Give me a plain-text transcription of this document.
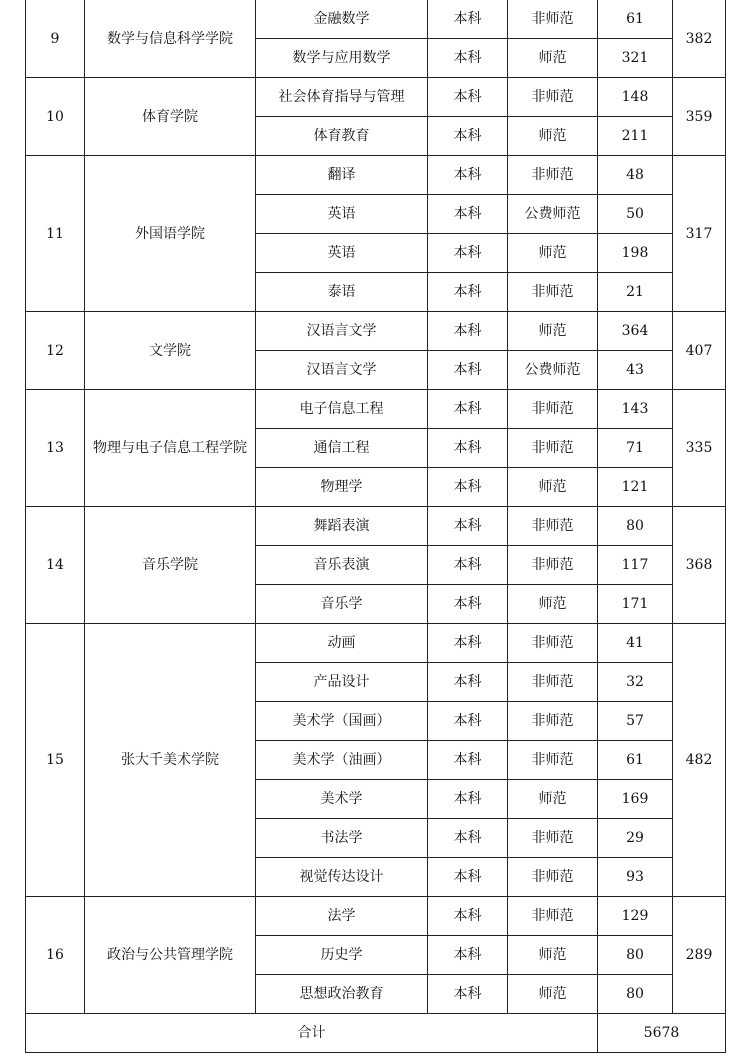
9	数学与信息科学学院	金融数学	本科	非师范	61	382
		数学与应用数学	本科	师范	321	
10	体育学院	社会体育指导与管理	本科	非师范	148	359
		体育教育	本科	师范	211	
11	外国语学院	翻译	本科	非师范	48	317
		英语	本科	公费师范	50	
		英语	本科	师范	198	
		泰语	本科	非师范	21	
12	文学院	汉语言文学	本科	师范	364	407
		汉语言文学	本科	公费师范	43	
13	物理与电子信息工程学院	电子信息工程	本科	非师范	143	335
		通信工程	本科	非师范	71	
		物理学	本科	师范	121	
14	音乐学院	舞蹈表演	本科	非师范	80	368
		音乐表演	本科	非师范	117	
		音乐学	本科	师范	171	
15	张大千美术学院	动画	本科	非师范	41	482
		产品设计	本科	非师范	32	
		美术学（国画）	本科	非师范	57	
		美术学（油画）	本科	非师范	61	
		美术学	本科	师范	169	
		书法学	本科	非师范	29	
		视觉传达设计	本科	非师范	93	
16	政治与公共管理学院	法学	本科	非师范	129	289
		历史学	本科	师范	80	
		思想政治教育	本科	师范	80	
合计					5678	
